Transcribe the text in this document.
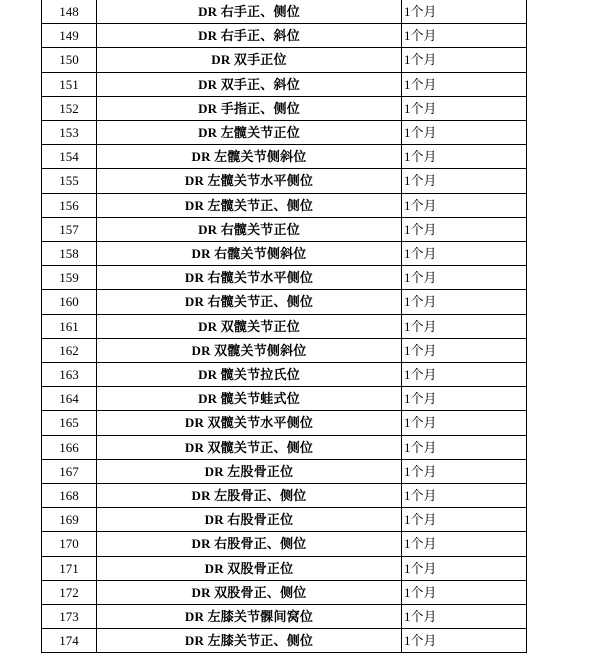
148	DR 右手正、侧位	1个月
149	DR 右手正、斜位	1个月
150	DR 双手正位	1个月
151	DR 双手正、斜位	1个月
152	DR 手指正、侧位	1个月
153	DR 左髋关节正位	1个月
154	DR 左髋关节侧斜位	1个月
155	DR 左髋关节水平侧位	1个月
156	DR 左髋关节正、侧位	1个月
157	DR 右髋关节正位	1个月
158	DR 右髋关节侧斜位	1个月
159	DR 右髋关节水平侧位	1个月
160	DR 右髋关节正、侧位	1个月
161	DR 双髋关节正位	1个月
162	DR 双髋关节侧斜位	1个月
163	DR 髋关节拉氏位	1个月
164	DR 髋关节蛙式位	1个月
165	DR 双髋关节水平侧位	1个月
166	DR 双髋关节正、侧位	1个月
167	DR 左股骨正位	1个月
168	DR 左股骨正、侧位	1个月
169	DR 右股骨正位	1个月
170	DR 右股骨正、侧位	1个月
171	DR 双股骨正位	1个月
172	DR 双股骨正、侧位	1个月
173	DR 左膝关节髁间窝位	1个月
174	DR 左膝关节正、侧位	1个月
